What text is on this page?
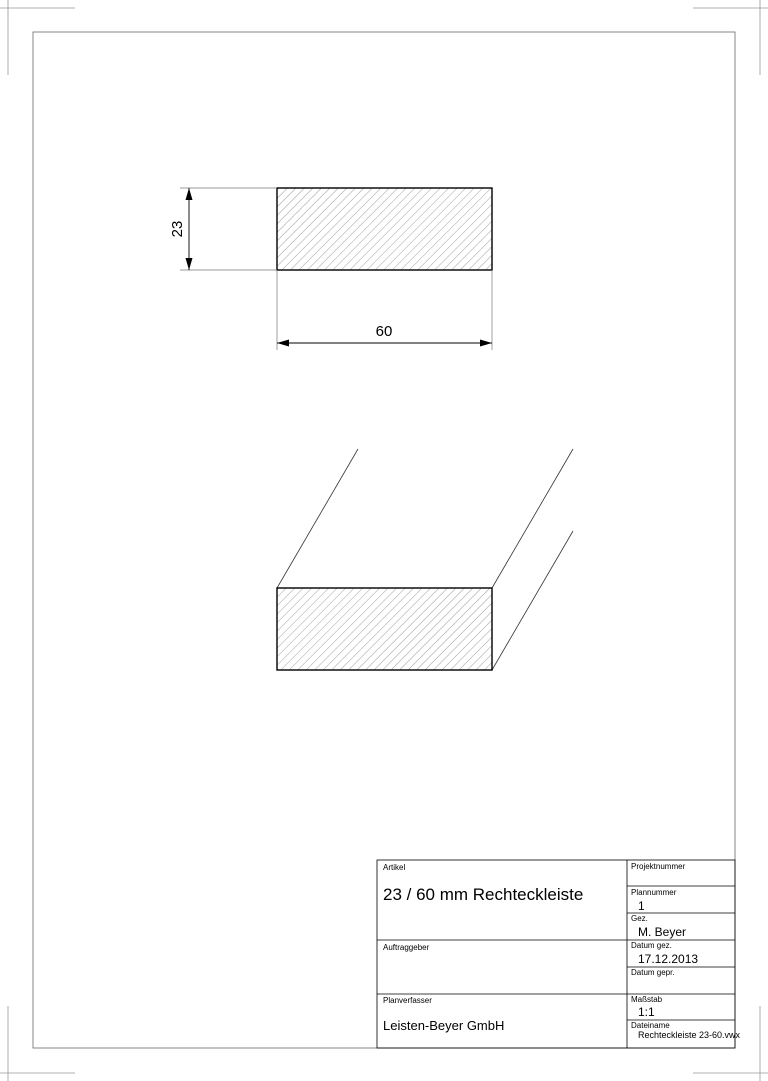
23
60
Artikel
23 / 60 mm Rechteckleiste
Auftraggeber
Planverfasser
Leisten-Beyer GmbH
Projektnummer
Plannummer
1
Gez.
M. Beyer
Datum gez.
17.12.2013
Datum gepr.
Maßstab
1:1
Dateiname
Rechteckleiste 23-60.vwx
